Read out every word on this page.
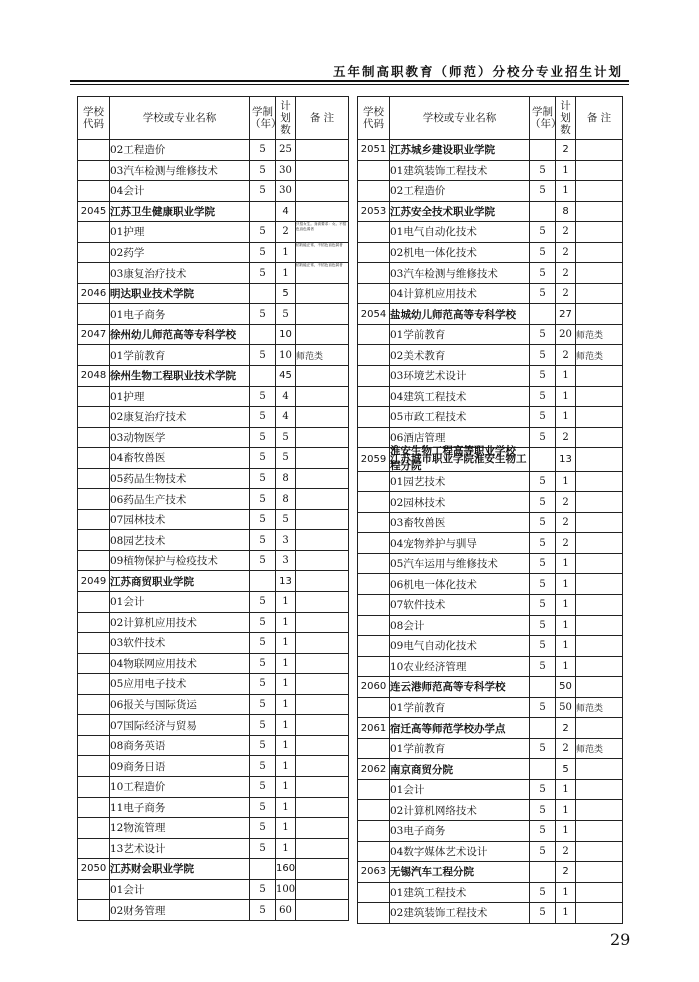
五年制高职教育（师范）分校分专业招生计划
学校
代码	学校或专业名称	学制
（年）	计
划
数	备 注
	02工程造价	5	25	
	03汽车检测与维修技术	5	30	
	04会计	5	30	
2045	江苏卫生健康职业学院		4	
	01护理	5	2	只招女生。身高要求：女。不招色盲色弱者
	02药学	5	1	招收能正常，不招色盲色弱者
	03康复治疗技术	5	1	招收能正常，不招色盲色弱者
2046	明达职业技术学院		5	
	01电子商务	5	5	
2047	徐州幼儿师范高等专科学校		10	
	01学前教育	5	10	师范类
2048	徐州生物工程职业技术学院		45	
	01护理	5	4	
	02康复治疗技术	5	4	
	03动物医学	5	5	
	04畜牧兽医	5	5	
	05药品生物技术	5	8	
	06药品生产技术	5	8	
	07园林技术	5	5	
	08园艺技术	5	3	
	09植物保护与检疫技术	5	3	
2049	江苏商贸职业学院		13	
	01会计	5	1	
	02计算机应用技术	5	1	
	03软件技术	5	1	
	04物联网应用技术	5	1	
	05应用电子技术	5	1	
	06报关与国际货运	5	1	
	07国际经济与贸易	5	1	
	08商务英语	5	1	
	09商务日语	5	1	
	10工程造价	5	1	
	11电子商务	5	1	
	12物流管理	5	1	
	13艺术设计	5	1	
2050	江苏财会职业学院		160	
	01会计	5	100	
	02财务管理	5	60	
学校
代码	学校或专业名称	学制
（年）	计
划
数	备 注
2051	江苏城乡建设职业学院		2	
	01建筑装饰工程技术	5	1	
	02工程造价	5	1	
2053	江苏安全技术职业学院		8	
	01电气自动化技术	5	2	
	02机电一体化技术	5	2	
	03汽车检测与维修技术	5	2	
	04计算机应用技术	5	2	
2054	盐城幼儿师范高等专科学校		27	
	01学前教育	5	20	师范类
	02美术教育	5	2	师范类
	03环境艺术设计	5	1	
	04建筑工程技术	5	1	
	05市政工程技术	5	1	
	06酒店管理	5	2	
2059	淮安生物工程高等职业学校
江苏城市职业学院淮安生物工程分院		13	
	01园艺技术	5	1	
	02园林技术	5	2	
	03畜牧兽医	5	2	
	04宠物养护与驯导	5	2	
	05汽车运用与维修技术	5	1	
	06机电一体化技术	5	1	
	07软件技术	5	1	
	08会计	5	1	
	09电气自动化技术	5	1	
	10农业经济管理	5	1	
2060	连云港师范高等专科学校		50	
	01学前教育	5	50	师范类
2061	宿迁高等师范学校办学点		2	
	01学前教育	5	2	师范类
2062	南京商贸分院		5	
	01会计	5	1	
	02计算机网络技术	5	1	
	03电子商务	5	1	
	04数字媒体艺术设计	5	2	
2063	无锡汽车工程分院		2	
	01建筑工程技术	5	1	
	02建筑装饰工程技术	5	1	
29
